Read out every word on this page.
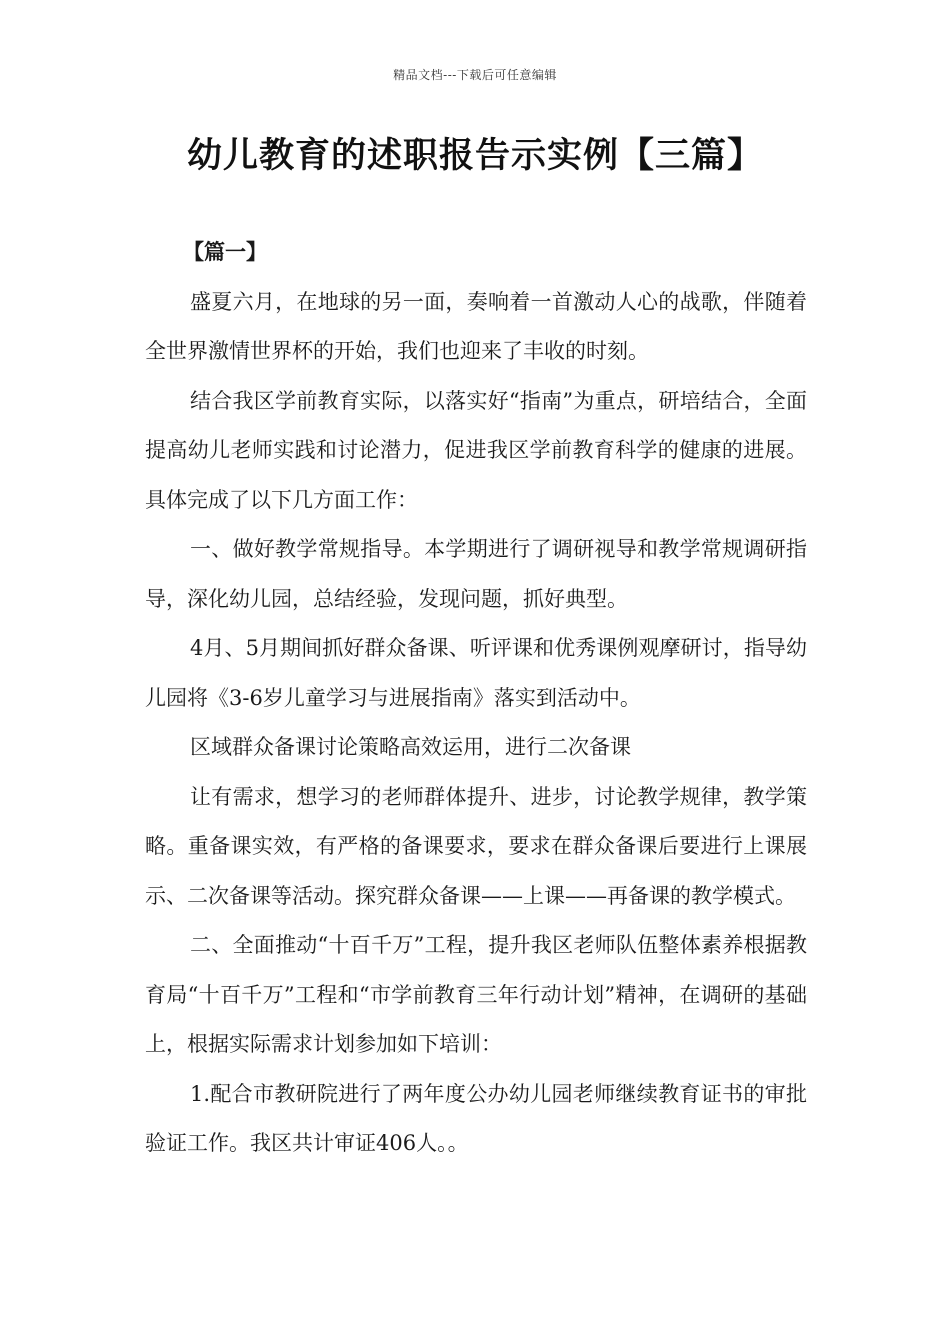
精品文档---下载后可任意编辑
幼儿教育的述职报告示实例【三篇】

【篇一】

盛夏六月，在地球的另一面，奏响着一首激动人心的战歌，伴随着全世界激情世界杯的开始，我们也迎来了丰收的时刻。

结合我区学前教育实际，以落实好“指南”为重点，研培结合，全面提高幼儿老师实践和讨论潜力，促进我区学前教育科学的健康的进展。具体完成了以下几方面工作：

一、做好教学常规指导。本学期进行了调研视导和教学常规调研指导，深化幼儿园，总结经验，发现问题，抓好典型。

4月、5月期间抓好群众备课、听评课和优秀课例观摩研讨，指导幼儿园将《3-6岁儿童学习与进展指南》落实到活动中。

区域群众备课讨论策略高效运用，进行二次备课

让有需求，想学习的老师群体提升、进步，讨论教学规律，教学策略。重备课实效，有严格的备课要求，要求在群众备课后要进行上课展示、二次备课等活动。探究群众备课——上课——再备课的教学模式。

二、全面推动“十百千万”工程，提升我区老师队伍整体素养根据教育局“十百千万”工程和“市学前教育三年行动计划”精神，在调研的基础上，根据实际需求计划参加如下培训：

1.配合市教研院进行了两年度公办幼儿园老师继续教育证书的审批验证工作。我区共计审证406人。。
